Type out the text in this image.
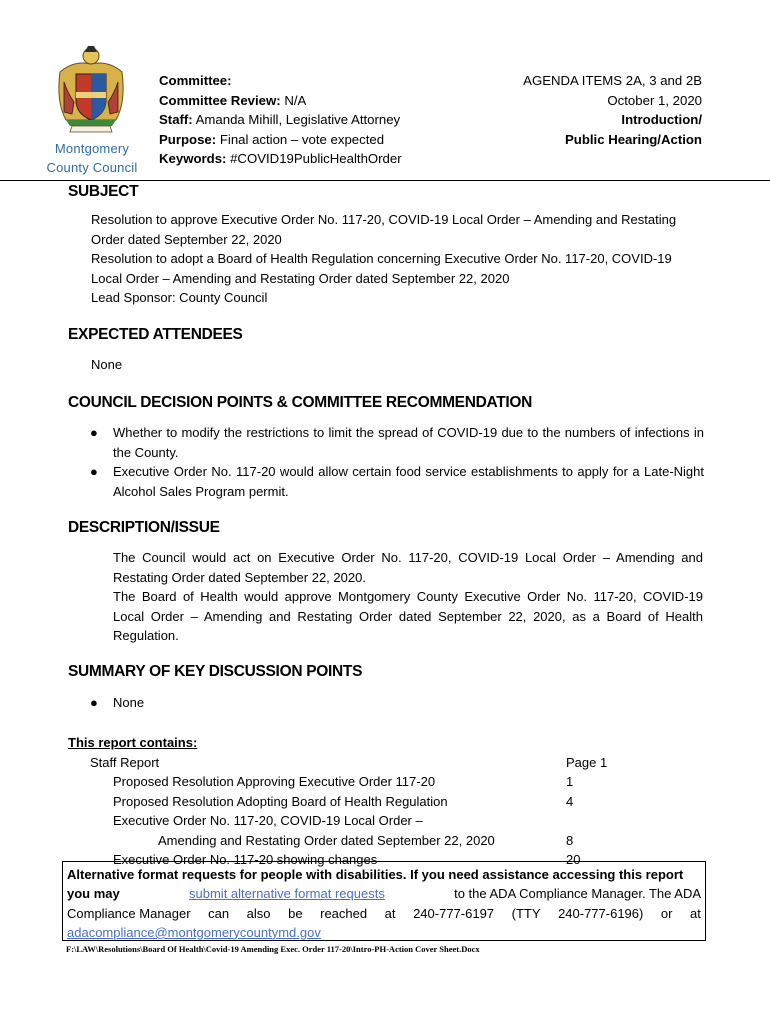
Montgomery
County Council
Committee:
Committee Review: N/A
Staff: Amanda Mihill, Legislative Attorney
Purpose: Final action – vote expected
Keywords: #COVID19PublicHealthOrder
AGENDA ITEMS 2A, 3 and 2B
October 1, 2020
Introduction/
Public Hearing/Action
SUBJECT
Resolution to approve Executive Order No. 117-20, COVID-19 Local Order – Amending and Restating
Order dated September 22, 2020
Resolution to adopt a Board of Health Regulation concerning Executive Order No. 117-20, COVID-19
Local Order – Amending and Restating Order dated September 22, 2020
Lead Sponsor: County Council
EXPECTED ATTENDEES
None
COUNCIL DECISION POINTS & COMMITTEE RECOMMENDATION
● Whether to modify the restrictions to limit the spread of COVID-19 due to the numbers of infections in the County.
● Executive Order No. 117-20 would allow certain food service establishments to apply for a Late-Night Alcohol Sales Program permit.
DESCRIPTION/ISSUE
The Council would act on Executive Order No. 117-20, COVID-19 Local Order – Amending and Restating Order dated September 22, 2020.
The Board of Health would approve Montgomery County Executive Order No. 117-20, COVID-19 Local Order – Amending and Restating Order dated September 22, 2020, as a Board of Health Regulation.
SUMMARY OF KEY DISCUSSION POINTS
● None
This report contains:
Staff Report	Page 1
Proposed Resolution Approving Executive Order 117-20	1
Proposed Resolution Adopting Board of Health Regulation	4
Executive Order No. 117-20, COVID-19 Local Order –
Amending and Restating Order dated September 22, 2020	8
Executive Order No. 117-20 showing changes	20
Alternative format requests for people with disabilities. If you need assistance accessing this report
you may	submit alternative format requests	to the ADA Compliance Manager. The ADA
Compliance Manager can also be reached at 240-777-6197 (TTY 240-777-6196) or at
adacompliance@montgomerycountymd.gov
F:\LAW\Resolutions\Board Of Health\Covid-19 Amending Exec. Order 117-20\Intro-PH-Action Cover Sheet.Docx
